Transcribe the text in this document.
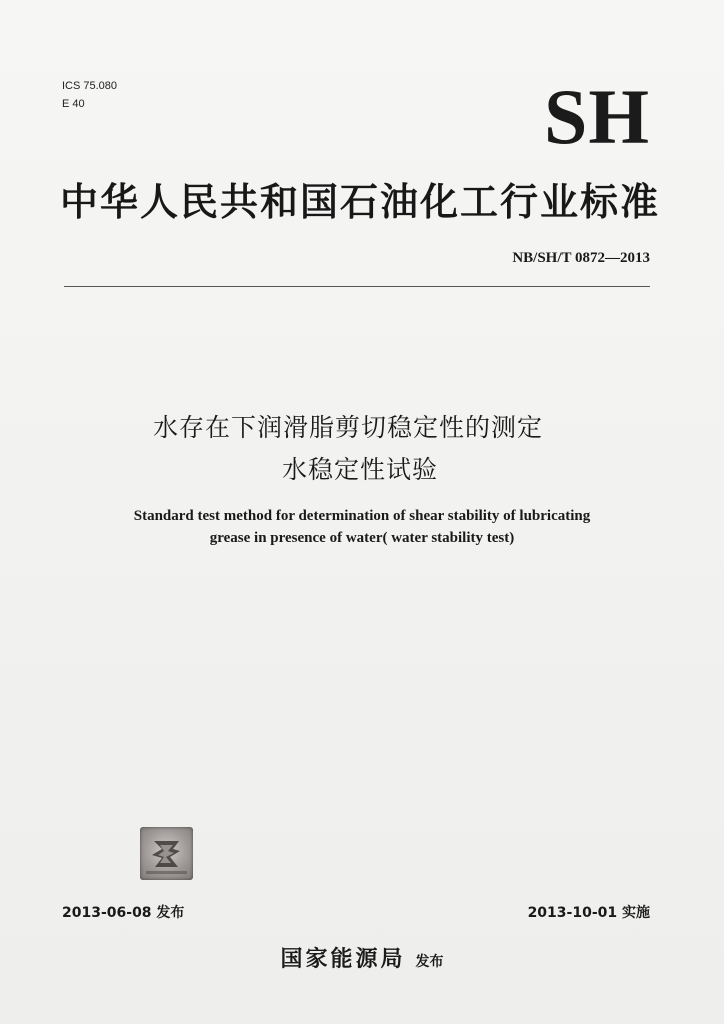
ICS 75.080
E 40	SH
中华人民共和国石油化工行业标准
NB/SH/T 0872—2013
水存在下润滑脂剪切稳定性的测定
水稳定性试验
Standard test method for determination of shear stability of lubricating
grease in presence of water( water stability test)
2013-06-08 发布	2013-10-01 实施
国家能源局 发布
